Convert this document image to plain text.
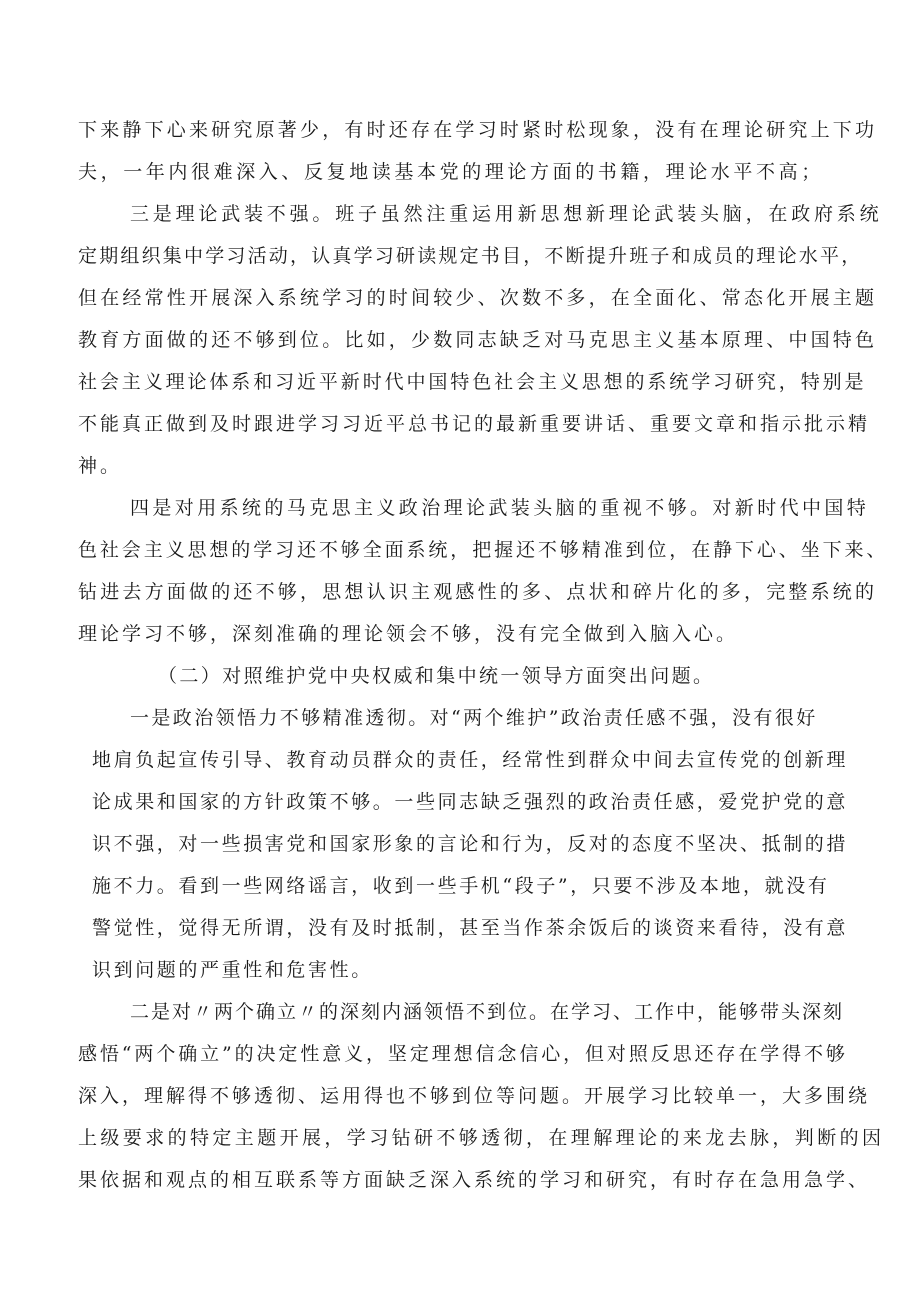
下来静下心来研究原著少，有时还存在学习时紧时松现象，没有在理论研究上下功
夫，一年内很难深入、反复地读基本党的理论方面的书籍，理论水平不高；
三是理论武装不强。班子虽然注重运用新思想新理论武装头脑，在政府系统
定期组织集中学习活动，认真学习研读规定书目，不断提升班子和成员的理论水平，
但在经常性开展深入系统学习的时间较少、次数不多，在全面化、常态化开展主题
教育方面做的还不够到位。比如，少数同志缺乏对马克思主义基本原理、中国特色
社会主义理论体系和习近平新时代中国特色社会主义思想的系统学习研究，特别是
不能真正做到及时跟进学习习近平总书记的最新重要讲话、重要文章和指示批示精
神。
四是对用系统的马克思主义政治理论武装头脑的重视不够。对新时代中国特
色社会主义思想的学习还不够全面系统，把握还不够精准到位，在静下心、坐下来、
钻进去方面做的还不够，思想认识主观感性的多、点状和碎片化的多，完整系统的
理论学习不够，深刻准确的理论领会不够，没有完全做到入脑入心。
（二）对照维护党中央权威和集中统一领导方面突出问题。
一是政治领悟力不够精准透彻。对“两个维护”政治责任感不强，没有很好
地肩负起宣传引导、教育动员群众的责任，经常性到群众中间去宣传党的创新理
论成果和国家的方针政策不够。一些同志缺乏强烈的政治责任感，爱党护党的意
识不强，对一些损害党和国家形象的言论和行为，反对的态度不坚决、抵制的措
施不力。看到一些网络谣言，收到一些手机“段子”，只要不涉及本地，就没有
警觉性，觉得无所谓，没有及时抵制，甚至当作茶余饭后的谈资来看待，没有意
识到问题的严重性和危害性。
二是对〃两个确立〃的深刻内涵领悟不到位。在学习、工作中，能够带头深刻
感悟“两个确立”的决定性意义，坚定理想信念信心，但对照反思还存在学得不够
深入，理解得不够透彻、运用得也不够到位等问题。开展学习比较单一，大多围绕
上级要求的特定主题开展，学习钻研不够透彻，在理解理论的来龙去脉，判断的因
果依据和观点的相互联系等方面缺乏深入系统的学习和研究，有时存在急用急学、
